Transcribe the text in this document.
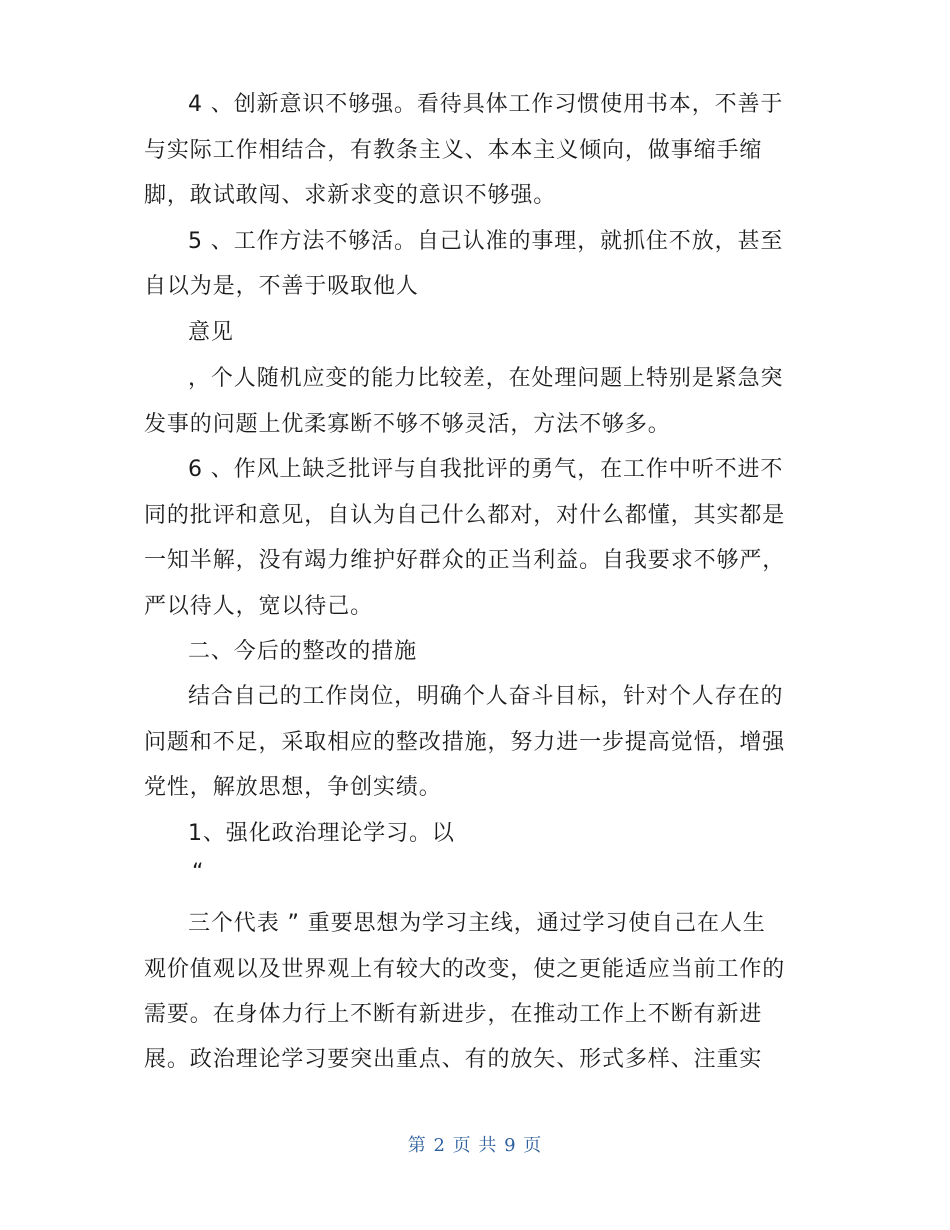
4 、创新意识不够强。看待具体工作习惯使用书本，不善于
与实际工作相结合，有教条主义、本本主义倾向，做事缩手缩
脚，敢试敢闯、求新求变的意识不够强。
5 、工作方法不够活。自己认准的事理，就抓住不放，甚至
自以为是，不善于吸取他人
意见
，个人随机应变的能力比较差，在处理问题上特别是紧急突
发事的问题上优柔寡断不够不够灵活，方法不够多。
6 、作风上缺乏批评与自我批评的勇气，在工作中听不进不
同的批评和意见，自认为自己什么都对，对什么都懂，其实都是
一知半解，没有竭力维护好群众的正当利益。自我要求不够严，
严以待人，宽以待己。
二、今后的整改的措施
结合自己的工作岗位，明确个人奋斗目标，针对个人存在的
问题和不足，采取相应的整改措施，努力进一步提高觉悟，增强
党性，解放思想，争创实绩。
1、强化政治理论学习。以
“
三个代表 ” 重要思想为学习主线，通过学习使自己在人生
观价值观以及世界观上有较大的改变，使之更能适应当前工作的
需要。在身体力行上不断有新进步，在推动工作上不断有新进
展。政治理论学习要突出重点、有的放矢、形式多样、注重实
第 2 页 共 9 页
